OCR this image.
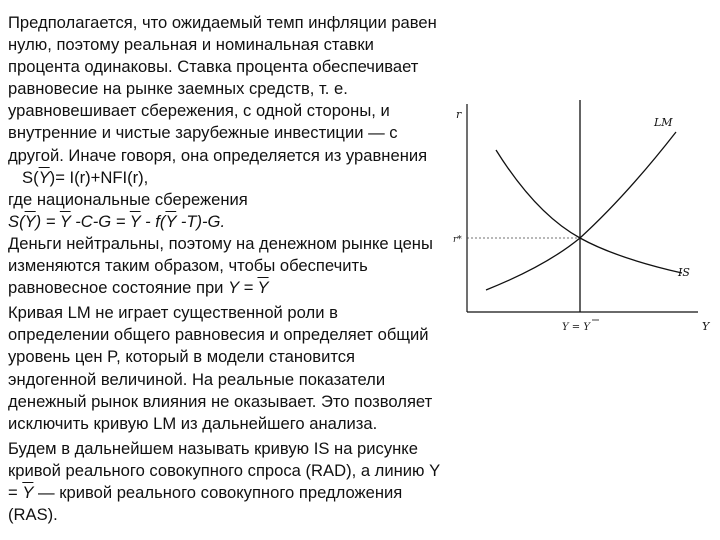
Предполагается, что ожидаемый темп инфляции равен нулю, поэтому реальная и номинальная ставки процента одинаковы. Ставка процента обеспечивает равновесие на рынке заемных средств, т. е. уравновешивает сбережения, с одной стороны, и внутренние и чистые зарубежные инвестиции — с другой. Иначе говоря, она определяется из уравнения

$S(\overline{Y})= I(r)+NFI(r)$,

где национальные сбережения

$S(\overline{Y}) = \overline{Y}$ $-C-G = \overline{Y} - f(\overline{Y}$ -T)-G.

Деньги нейтральны, поэтому на денежном рынке цены изменяются таким образом, чтобы обеспечить равновесное состояние при $Y = \overline{Y}$

Кривая LM не играет существенной роли в определении общего равновесия и определяет общий уровень цен P, который в модели становится эндогенной величиной. На реальные показатели денежный рынок влияния не оказывает. Это позволяет исключить кривую LM из дальнейшего анализа.

Будем в дальнейшем называть кривую IS на рисунке кривой реального совокупного спроса (RAD), а линию $Y = \overline{Y}$ — кривой реального совокупного предложения

(RAS).
r
Y
LM
IS
r*
Y = Y
